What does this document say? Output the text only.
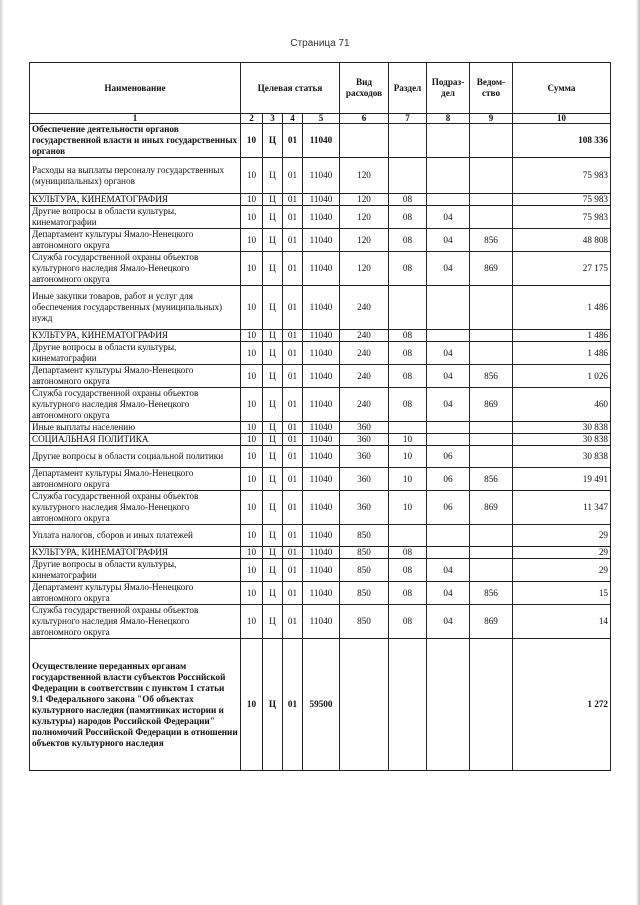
Страница 71
Наименование	Целевая статья				Вид расходов	Раздел	Подраз-дел	Ведом-ство	Сумма
1	2	3	4	5	6	7	8	9	10
Обеспечение деятельности органов государственной власти и иных государственных органов	10	Ц	01	11040					108 336
Расходы на выплаты персоналу государственных (муниципальных) органов	10	Ц	01	11040	120				75 983
КУЛЬТУРА, КИНЕМАТОГРАФИЯ	10	Ц	01	11040	120	08			75 983
Другие вопросы в области культуры, кинематографии	10	Ц	01	11040	120	08	04		75 983
Департамент культуры Ямало-Ненецкого автономного округа	10	Ц	01	11040	120	08	04	856	48 808
Служба государственной охраны объектов культурного наследия Ямало-Ненецкого автономного округа	10	Ц	01	11040	120	08	04	869	27 175
Иные закупки товаров, работ и услуг для обеспечения государственных (муниципальных) нужд	10	Ц	01	11040	240				1 486
КУЛЬТУРА, КИНЕМАТОГРАФИЯ	10	Ц	01	11040	240	08			1 486
Другие вопросы в области культуры, кинематографии	10	Ц	01	11040	240	08	04		1 486
Департамент культуры Ямало-Ненецкого автономного округа	10	Ц	01	11040	240	08	04	856	1 026
Служба государственной охраны объектов культурного наследия Ямало-Ненецкого автономного округа	10	Ц	01	11040	240	08	04	869	460
Иные выплаты населению	10	Ц	01	11040	360				30 838
СОЦИАЛЬНАЯ ПОЛИТИКА	10	Ц	01	11040	360	10			30 838
Другие вопросы в области социальной политики	10	Ц	01	11040	360	10	06		30 838
Департамент культуры Ямало-Ненецкого автономного округа	10	Ц	01	11040	360	10	06	856	19 491
Служба государственной охраны объектов культурного наследия Ямало-Ненецкого автономного округа	10	Ц	01	11040	360	10	06	869	11 347
Уплата налогов, сборов и иных платежей	10	Ц	01	11040	850				29
КУЛЬТУРА, КИНЕМАТОГРАФИЯ	10	Ц	01	11040	850	08			29
Другие вопросы в области культуры, кинематографии	10	Ц	01	11040	850	08	04		29
Департамент культуры Ямало-Ненецкого автономного округа	10	Ц	01	11040	850	08	04	856	15
Служба государственной охраны объектов культурного наследия Ямало-Ненецкого автономного округа	10	Ц	01	11040	850	08	04	869	14
Осуществление переданных органам государственной власти субъектов Российской Федерации в соответствии с пунктом 1 статьи 9.1 Федерального закона "Об объектах культурного наследия (памятниках истории и культуры) народов Российской Федерации" полномочий Российской Федерации в отношении объектов культурного наследия	10	Ц	01	59500					1 272
